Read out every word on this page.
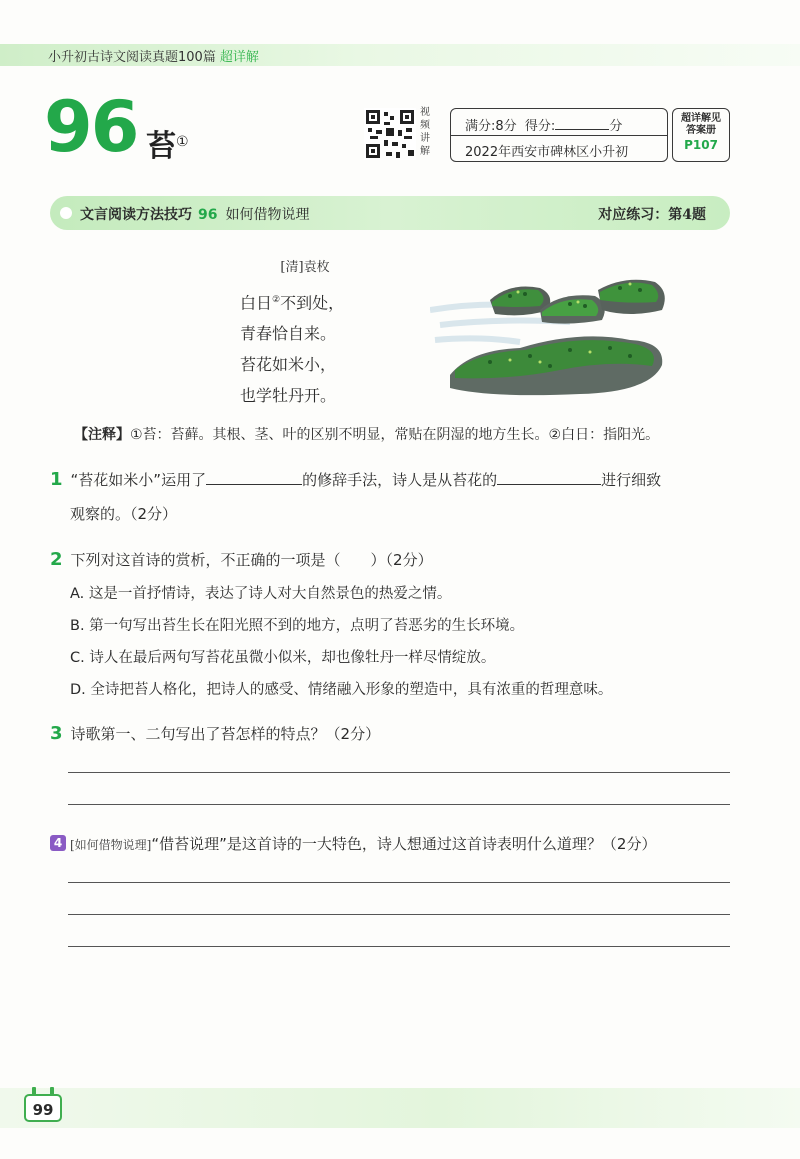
小升初古诗文阅读真题100篇 超详解
96 苔 ①
视频讲解
满分:8分 得分:	分
2022年西安市碑林区小升初
超详解见
答案册
P107
文言阅读方法技巧 96 如何借物说理	对应练习：第4题
[清]袁枚
白日②不到处，
青春恰自来。
苔花如米小，
也学牡丹开。
【注释】①苔：苔藓。其根、茎、叶的区别不明显，常贴在阴湿的地方生长。②白日：指阳光。
1 “苔花如米小”运用了	的修辞手法，诗人是从苔花的	进行细致
观察的。（2分）
2 下列对这首诗的赏析，不正确的一项是（　　）（2分）
A. 这是一首抒情诗，表达了诗人对大自然景色的热爱之情。
B. 第一句写出苔生长在阳光照不到的地方，点明了苔恶劣的生长环境。
C. 诗人在最后两句写苔花虽微小似米，却也像牡丹一样尽情绽放。
D. 全诗把苔人格化，把诗人的感受、情绪融入形象的塑造中，具有浓重的哲理意味。
3 诗歌第一、二句写出了苔怎样的特点？（2分）
4 [如何借物说理]“借苔说理”是这首诗的一大特色，诗人想通过这首诗表明什么道理？（2分）
99
